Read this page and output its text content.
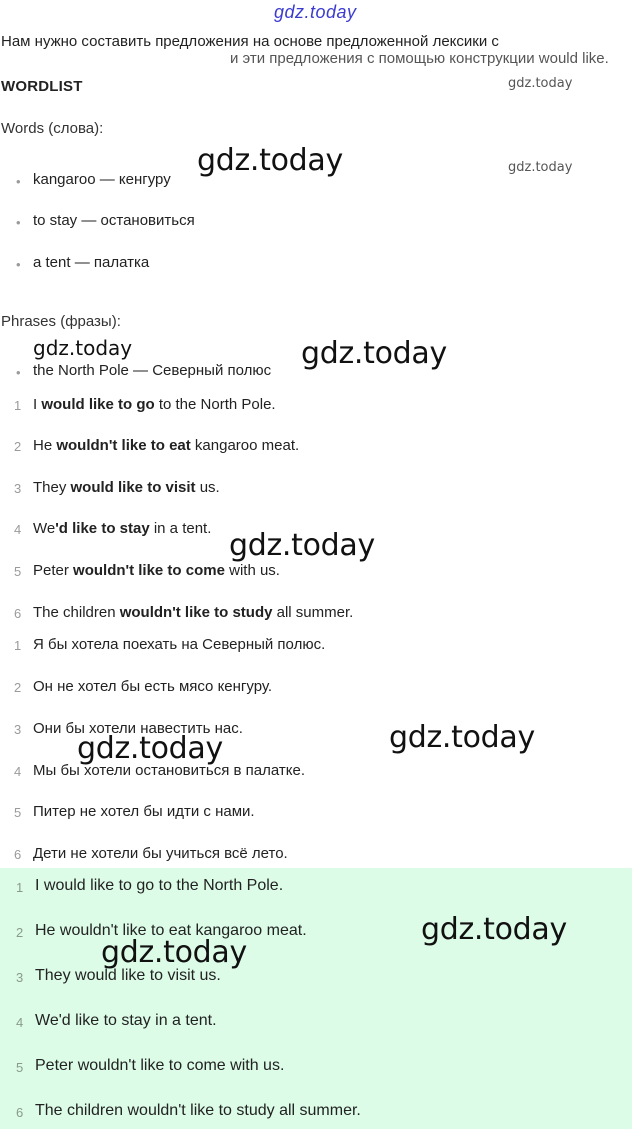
gdz.today
Нам нужно составить предложения на основе предложенной лексики с
и эти предложения с помощью конструкции would like.
WORDLIST
Words (слова):
• kangaroo — кенгуру
• to stay — остановиться
• a tent — палатка
Phrases (фразы):
• the North Pole — Северный полюс
1 I would like to go to the North Pole.
2 He wouldn't like to eat kangaroo meat.
3 They would like to visit us.
4 We'd like to stay in a tent.
5 Peter wouldn't like to come with us.
6 The children wouldn't like to study all summer.
1 Я бы хотела поехать на Северный полюс.
2 Он не хотел бы есть мясо кенгуру.
3 Они бы хотели навестить нас.
4 Мы бы хотели остановиться в палатке.
5 Питер не хотел бы идти с нами.
6 Дети не хотели бы учиться всё лето.
1 I would like to go to the North Pole.
2 He wouldn't like to eat kangaroo meat.
3 They would like to visit us.
4 We'd like to stay in a tent.
5 Peter wouldn't like to come with us.
6 The children wouldn't like to study all summer.
gdz.today
gdz.today
gdz.today
gdz.today	gdz.today
gdz.today
gdz.today
gdz.today
gdz.today
gdz.today
